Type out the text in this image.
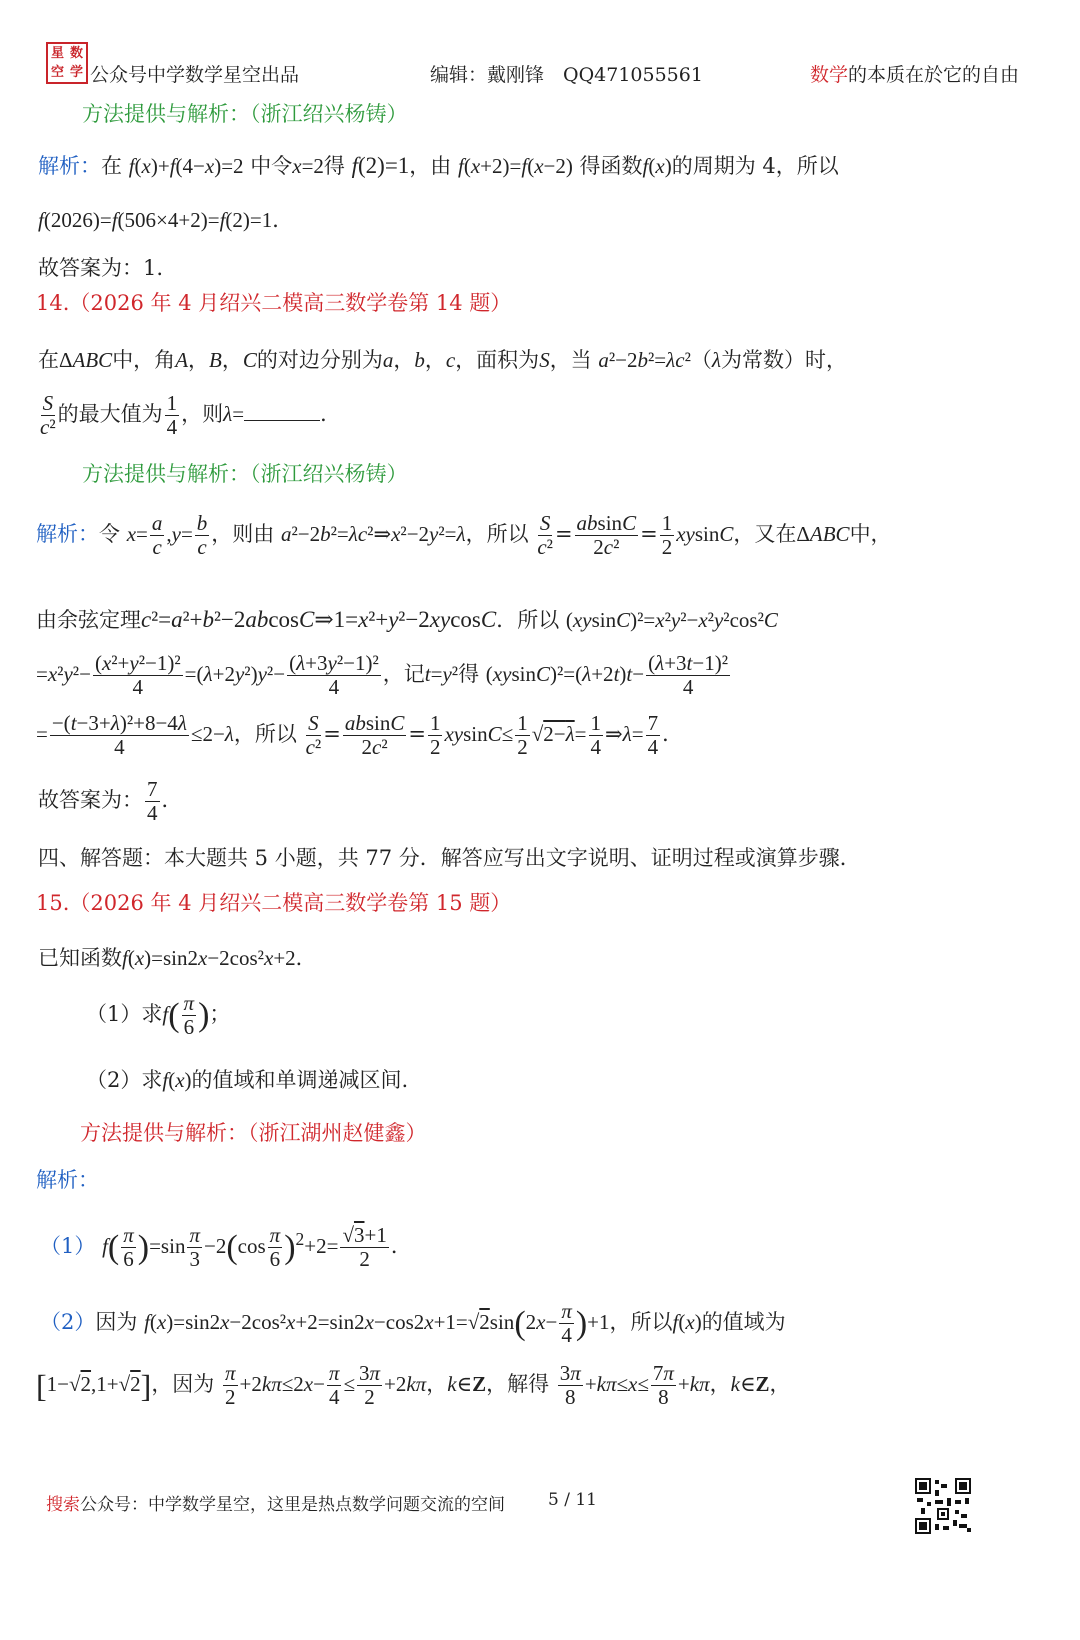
星 数
空 学 公众号中学数学星空出品	编辑：戴刚锋　QQ471055561	数学的本质在於它的自由
方法提供与解析：（浙江绍兴杨铸）
解析：在 f(x)+f(4−x)=2 中令x=2得 f(2)=1，由 f(x+2)=f(x−2) 得函数f(x)的周期为 4，所以
f(2026)=f(506×4+2)=f(2)=1．
故答案为：1.
14.（2026 年 4 月绍兴二模高三数学卷第 14 题）
在ΔABC中，角A，B，C的对边分别为a，b，c，面积为S，当 a²−2b²=λc²（λ为常数）时，
$\frac{S}{\text{c²}}$ 的最大值为 $\frac{1}{4}$ ，则λ=	．
方法提供与解析：（浙江绍兴杨铸）
解析：令 $x= \frac{a}{c} ,y= \frac{b}{c}$ ，则由 a²−2b²=λc²⇒x²−2y²=λ，所以 $\frac{S}{\text{c²}} = \frac{absinC}{\text{2c²}} = \frac{1}{2}$ xysinC，又在ΔABC中，
由余弦定理c²=a²+b²−2abcosC⇒1=x²+y²−2xycosC．所以 (xysinC)²=x²y²−x²y²cos²C
$=x^2y^2- \frac{\text{(x²+y²−1)²}}{4} =(\lambda+2y^2)y^2- \frac{\text{(λ+3y²−1)²}}{4}$ ，记t=y²得 $(xysinC)^2=(\lambda+2t)t- \frac{\text{(λ+3t−1)²}}{4}$
= $\frac{\text{−(t−3+λ)²+8−4λ}}{4} \le 2-\lambda$，所以 $\frac{S}{\text{c²}} = \frac{absinC}{\text{2c²}} = \frac{1}{2} xysinC\le \frac{1}{2} √2-\lambda= \frac{1}{4}$ ⇒λ= $\frac{7}{4}$ ．
故答案为： $\frac{7}{4}$ ．
四、解答题：本大题共 5 小题，共 77 分．解答应写出文字说明、证明过程或演算步骤．
15.（2026 年 4 月绍兴二模高三数学卷第 15 题）
已知函数f(x)=sin2x−2cos²x+2．
（1）求$f( \frac{\pi}{6}$ )；
（2）求f(x)的值域和单调递减区间.
方法提供与解析：（浙江湖州赵健鑫）
解析：
（1） $f( \frac{\pi}{6} )=\sin \frac{\pi}{3} -2(\cos \frac{\pi}{6} )^2+2= \frac{√3+1}{2}$ ．
（2）因为 $f(x)=\sin 2x-2\cos^2x+2=\sin 2x-\cos 2x+1=√2\sin(2x- \frac{\pi}{4} )+1$，所以f(x)的值域为
[1−√2,1+√2]，因为 $\frac{\pi}{2} +2k\pi\le 2x- \frac{\pi}{4} \le \frac{3\pi}{2} +2k\pi$，k∈Z，解得 $\frac{3\pi}{8} +k\pi\le x\le \frac{7\pi}{8} +k\pi$，k∈Z，
搜索公众号：中学数学星空，这里是热点数学问题交流的空间	5 / 11
